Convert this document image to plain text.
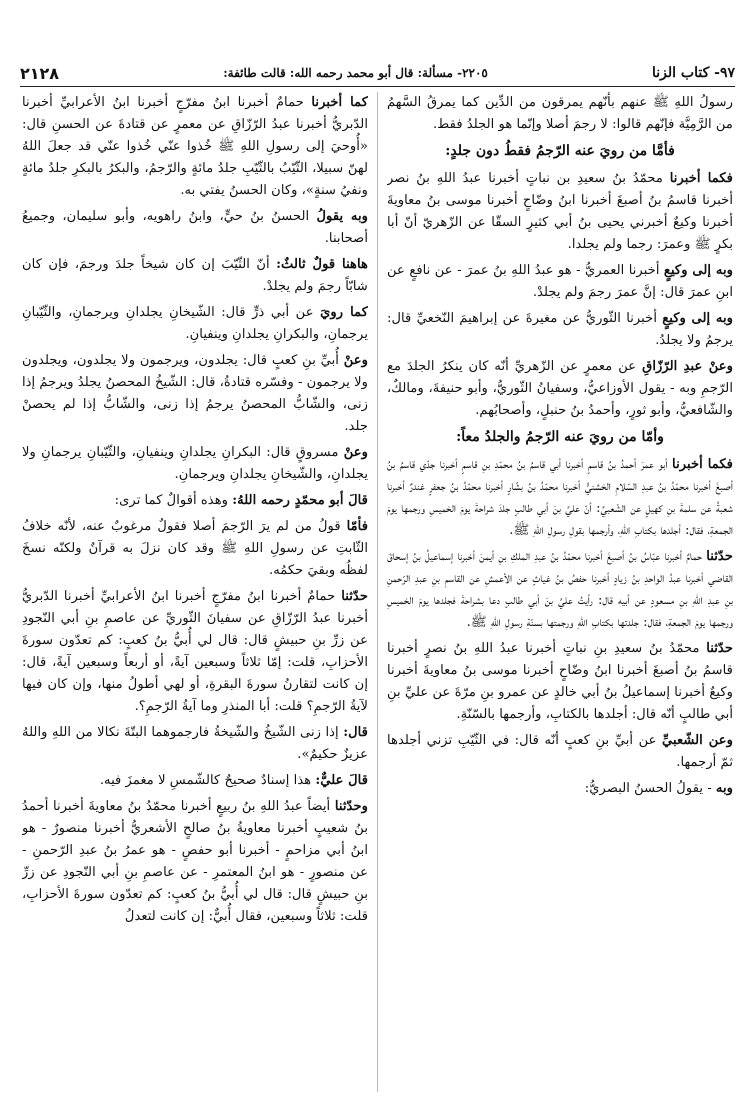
٩٧- كتاب الزنا
٢٢٠٥- مسألة: قال أبو محمد رحمه الله: قالت طائفة:
٢١٢٨

رسولُ اللهِ ﷺ عنهم بأنّهم يمرقون من الدِّين كما يمرقُ السَّهمُ من الرَّمِيَّة فإنّهم قالوا: لا رجمَ أصلا وإنّما هو الجلدُ فقط.

فأمَّا من رويَ عنه الرّجمُ فقطُ دون جلدٍ:

فكما أخبرنا محمّدُ بنُ سعيدِ بن نباتٍ أخبرنا عبدُ اللهِ بنُ نصر أخبرنا قاسمُ بنُ أصبغَ أخبرنا ابنُ وضّاحٍ أخبرنا موسى بنُ معاويةَ أخبرنا وكيعٌ أخبرني يحيى بنُ أبي كثيرٍ السقّا عن الزّهريّ أنّ أبا بكرٍ ﷺ وعمرَ: رجما ولم يجلدا.

وبه إلى وكيعٍ أخبرنا العمريُّ - هو عبدُ اللهِ بنُ عمرَ - عن نافعٍ عن ابنِ عمرَ قال: إنَّ عمرَ رجمَ ولم يجلدْ.

وبه إلى وكيعٍ أخبرنا الثّوريُّ عن مغيرةَ عن إبراهيمَ النّخعيِّ قال: يرجمُ ولا يجلدُ.

وعنْ عبدِ الرّزّاقِ عن معمرٍ عن الزّهريِّ أنّه كان ينكرُ الجلدَ مع الرّجمِ وبه - يقول الأوزاعيُّ، وسفيانُ الثّوريُّ، وأبو حنيفةَ، ومالكٌ، والشّافعيُّ، وأبو ثورٍ، وأحمدُ بنُ حنبلٍ، وأصحابُهم.

وأمّا من رويَ عنه الرّجمُ والجلدُ معاً:

فكما أخبرنا أبو عمرَ أحمدُ بنُ قاسمٍ أخبرنا أبي قاسمُ بنُ محمّدِ بنِ قاسمٍ أخبرنا جدّي قاسمُ بنُ أصبغَ أخبرنا محمّدُ بنُ عبدِ السّلامِ الخشنيُّ أخبرنا محمّدُ بنُ بشّارٍ أخبرنا محمّدُ بنُ جعفرٍ غندرٌ أخبرنا شعبةُ عن سلمةَ بنِ كهيلٍ عن الشّعبيِّ: أنّ عليَّ بنَ أبي طالبٍ جلدَ شراحةَ يومَ الخميسِ ورجمها يومَ الجمعةِ، فقال: أجلدها بكتابِ اللهِ، وأرجمها بقولِ رسولِ اللهِ ﷺ.

حدّثنا حمامٌ أخبرنا عبّاسُ بنُ أصبغَ أخبرنا محمّدُ بنُ عبدِ الملكِ بنِ أيمنَ أخبرنا إسماعيلُ بنُ إسحاقَ القاضي أخبرنا عبدُ الواحدِ بنُ زيادٍ أخبرنا حفصُ بنُ غياثٍ عن الأعمشِ عن القاسمِ بنِ عبدِ الرّحمنِ بنِ عبدِ اللهِ بنِ مسعودٍ عن أبيه قال: رأيتُ عليَّ بنَ أبي طالبٍ دعا بشراحةَ فجلدها يومَ الخميسِ ورجمها يومَ الجمعةِ، فقال: جلدتها بكتابِ اللهِ ورجمتها بسنّةِ رسولِ اللهِ ﷺ.

حدّثنا محمّدُ بنُ سعيدِ بنِ نباتٍ أخبرنا عبدُ اللهِ بنُ نصرٍ أخبرنا قاسمُ بنُ أصبغَ أخبرنا ابنُ وضّاحٍ أخبرنا موسى بنُ معاويةَ أخبرنا وكيعٌ أخبرنا إسماعيلُ بنُ أبي خالدٍ عن عمرو بنِ مرّةَ عن عليِّ بنِ أبي طالبٍ أنّه قال: أجلدها بالكتابِ، وأرجمها بالسّنّةِ.

وعن الشّعبيِّ عن أبيِّ بنِ كعبٍ أنّه قال: في الثّيّبِ تزني أجلدها ثمّ أرجمها.

وبه - يقولُ الحسنُ البصريُّ:

كما أخبرنا حمامٌ أخبرنا ابنُ مفرّجٍ أخبرنا ابنُ الأعرابيِّ أخبرنا الدّبريُّ أخبرنا عبدُ الرّزّاقِ عن معمرٍ عن قتادةَ عن الحسنِ قال: «أُوحيَ إلى رسولِ اللهِ ﷺ خُذوا عنّي خُذوا عنّي قد جعلَ اللهُ لهنّ سبيلا، الثّيّبُ بالثّيّبِ جلدُ مائةٍ والرّجمُ، والبكرُ بالبكرِ جلدُ مائةٍ ونفيُ سنةٍ»، وكان الحسنُ يفتي به.

وبه يقولُ الحسنُ بنُ حيٍّ، وابنُ راهويه، وأبو سليمان، وجميعُ أصحابنا.

هاهنا قولٌ ثالثٌ: أنّ الثّيّبَ إن كان شيخاً جلدَ ورجمَ، فإن كان شابّاً رجمَ ولم يجلدْ.

كما رويَ عن أبي ذرٍّ قال: الشّيخانِ يجلدانِ ويرجمانِ، والثّيّبانِ يرجمانِ، والبكرانِ يجلدانِ وينفيانِ.

وعنْ أُبيِّ بنِ كعبٍ قال: يجلدون، ويرجمون ولا يجلدون، ويجلدون ولا يرجمون - وفسّره قتادةُ، قال: الشّيخُ المحصنُ يجلدُ ويرجمُ إذا زنى، والشّابُّ المحصنُ يرجمُ إذا زنى، والشّابُّ إذا لم يحصنْ جلد.

وعنْ مسروقٍ قال: البكرانِ يجلدانِ وينفيانِ، والثّيّبانِ يرجمانِ ولا يجلدانِ، والشّيخانِ يجلدانِ ويرجمانِ.

قالَ أبو محمّدٍ رحمه اللهُ: وهذه أقوالٌ كما ترى:

فأمّا قولُ من لم يرَ الرّجمَ أصلا فقولٌ مرغوبٌ عنه، لأنّه خلافُ الثّابتِ عن رسولِ اللهِ ﷺ وقد كان نزلَ به قرآنٌ ولكنّه نسخَ لفظُه وبقيَ حكمُه.

حدّثنا حمامٌ أخبرنا ابنُ مفرّجٍ أخبرنا ابنُ الأعرابيِّ أخبرنا الدّبريُّ أخبرنا عبدُ الرّزّاقِ عن سفيانَ الثّوريِّ عن عاصمِ بنِ أبي النّجودِ عن زرِّ بنِ حبيشٍ قال: قال لي أُبيُّ بنُ كعبٍ: كم تعدّون سورةَ الأحزابِ، قلت: إمّا ثلاثاً وسبعين آيةً، أو أربعاً وسبعين آيةً، قال: إن كانت لتقارنُ سورةَ البقرةِ، أو لهي أطولُ منها، وإن كان فيها لآيةُ الرّجمِ؟ قلت: أبا المنذرِ وما آيةُ الرّجمِ؟.

قال: إذا زنى الشّيخُ والشّيخةُ فارجموهما البتّةَ نكالا من اللهِ واللهُ عزيزٌ حكيمٌ».

قالَ عليٌّ: هذا إسنادٌ صحيحٌ كالشّمسِ لا مغمزَ فيه.

وحدّثنا أيضاً عبدُ اللهِ بنُ ربيعٍ أخبرنا محمّدُ بنُ معاويةَ أخبرنا أحمدُ بنُ شعيبٍ أخبرنا معاويةُ بنُ صالحٍ الأشعريُّ أخبرنا منصورٌ - هو ابنُ أبي مزاحمٍ - أخبرنا أبو حفصٍ - هو عمرُ بنُ عبدِ الرّحمنِ - عن منصورٍ - هو ابنُ المعتمرِ - عن عاصمِ بنِ أبي النّجودِ عن زرِّ بنِ حبيشٍ قال: قال لي أُبيُّ بنُ كعبٍ: كم تعدّون سورةَ الأحزابِ، قلت: ثلاثاً وسبعين، فقال أُبيٌّ: إن كانت لتعدلُ
